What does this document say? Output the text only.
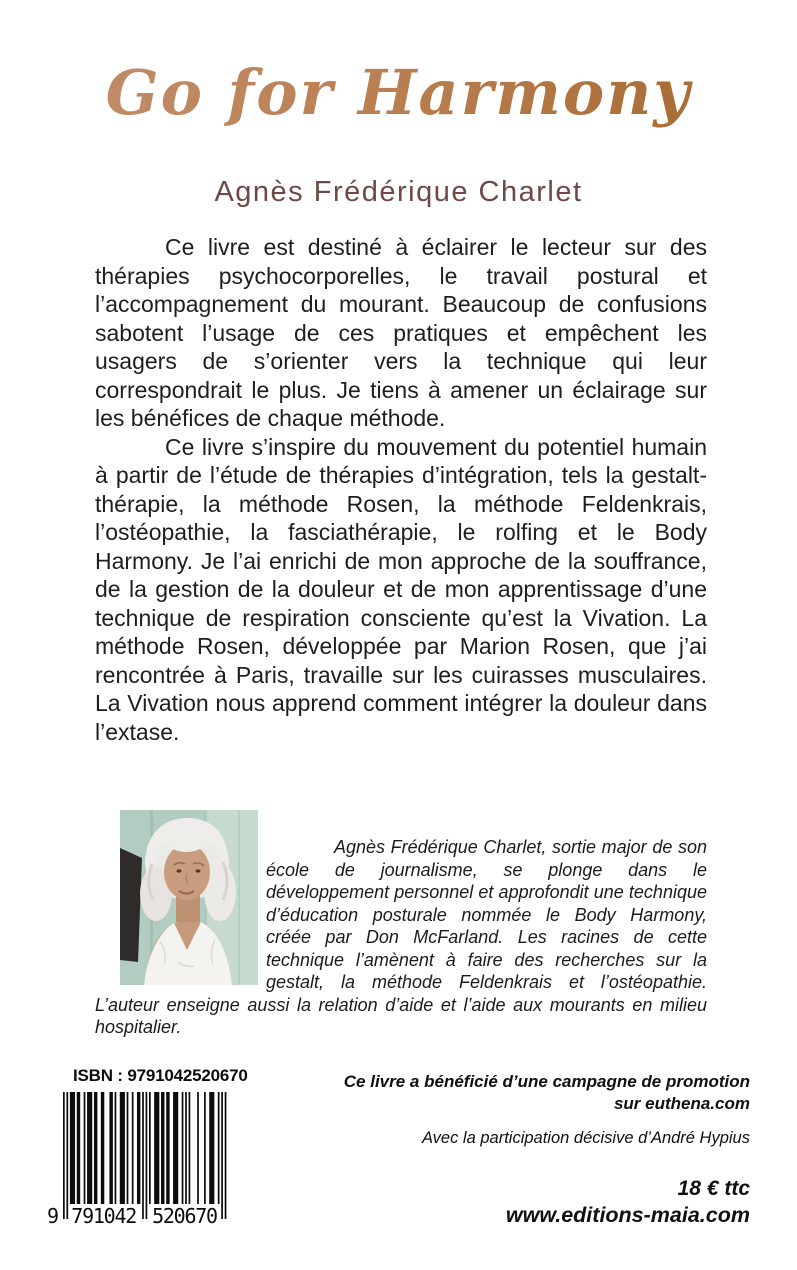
Go for Harmony
Agnès Frédérique Charlet

Ce livre est destiné à éclairer le lecteur sur des thérapies psychocorporelles, le travail postural et l’accompagnement du mourant. Beaucoup de confusions sabotent l’usage de ces pratiques et empêchent les usagers de s’orienter vers la technique qui leur correspondrait le plus. Je tiens à amener un éclairage sur les bénéfices de chaque méthode.

Ce livre s’inspire du mouvement du potentiel humain à partir de l’étude de thérapies d’intégration, tels la gestalt-thérapie, la méthode Rosen, la méthode Feldenkrais, l’ostéopathie, la fasciathérapie, le rolfing et le Body Harmony. Je l’ai enrichi de mon approche de la souffrance, de la gestion de la douleur et de mon apprentissage d’une technique de respiration consciente qu’est la Vivation. La méthode Rosen, développée par Marion Rosen, que j’ai rencontrée à Paris, travaille sur les cuirasses musculaires. La Vivation nous apprend comment intégrer la douleur dans l’extase.

Agnès Frédérique Charlet, sortie major de son école de journalisme, se plonge dans le développement personnel et approfondit une technique d’éducation posturale nommée le Body Harmony, créée par Don McFarland. Les racines de cette technique l’amènent à faire des recherches sur la gestalt, la méthode Feldenkrais et l’ostéopathie. L’auteur enseigne aussi la relation d’aide et l’aide aux mourants en milieu hospitalier.

ISBN : 9791042520670
9 791042 520670

Ce livre a bénéficié d’une campagne de promotion

sur euthena.com

Avec la participation décisive d’André Hypius

18 € ttc

www.editions-maia.com
